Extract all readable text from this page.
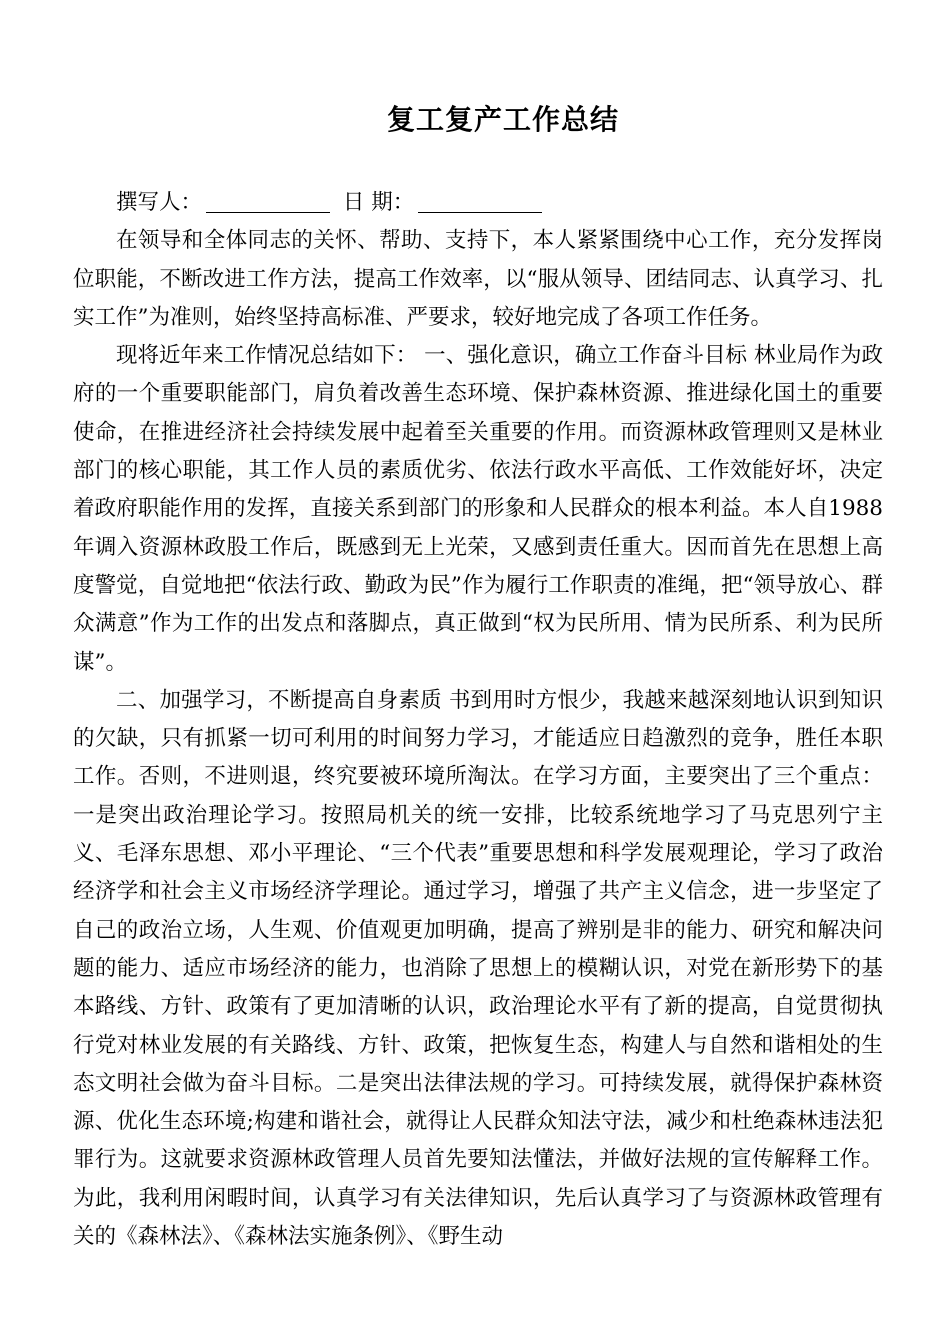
复工复产工作总结
撰写人：	日 期：

在领导和全体同志的关怀、帮助、支持下，本人紧紧围绕中心工作，充分发挥岗位职能，不断改进工作方法，提高工作效率，以“服从领导、团结同志、认真学习、扎实工作”为准则，始终坚持高标准、严要求，较好地完成了各项工作任务。

现将近年来工作情况总结如下： 一、强化意识，确立工作奋斗目标 林业局作为政府的一个重要职能部门，肩负着改善生态环境、保护森林资源、推进绿化国土的重要使命，在推进经济社会持续发展中起着至关重要的作用。而资源林政管理则又是林业部门的核心职能，其工作人员的素质优劣、依法行政水平高低、工作效能好坏，决定着政府职能作用的发挥，直接关系到部门的形象和人民群众的根本利益。本人自1988年调入资源林政股工作后，既感到无上光荣，又感到责任重大。因而首先在思想上高度警觉，自觉地把“依法行政、勤政为民”作为履行工作职责的准绳，把“领导放心、群众满意”作为工作的出发点和落脚点，真正做到“权为民所用、情为民所系、利为民所谋”。

二、加强学习，不断提高自身素质 书到用时方恨少，我越来越深刻地认识到知识的欠缺，只有抓紧一切可利用的时间努力学习，才能适应日趋激烈的竞争，胜任本职工作。否则，不进则退，终究要被环境所淘汰。在学习方面，主要突出了三个重点：一是突出政治理论学习。按照局机关的统一安排，比较系统地学习了马克思列宁主义、毛泽东思想、邓小平理论、“三个代表”重要思想和科学发展观理论，学习了政治经济学和社会主义市场经济学理论。通过学习，增强了共产主义信念，进一步坚定了自己的政治立场，人生观、价值观更加明确，提高了辨别是非的能力、研究和解决问题的能力、适应市场经济的能力，也消除了思想上的模糊认识，对党在新形势下的基本路线、方针、政策有了更加清晰的认识，政治理论水平有了新的提高，自觉贯彻执行党对林业发展的有关路线、方针、政策，把恢复生态，构建人与自然和谐相处的生态文明社会做为奋斗目标。二是突出法律法规的学习。可持续发展，就得保护森林资源、优化生态环境;构建和谐社会，就得让人民群众知法守法，减少和杜绝森林违法犯罪行为。这就要求资源林政管理人员首先要知法懂法，并做好法规的宣传解释工作。为此，我利用闲暇时间，认真学习有关法律知识，先后认真学习了与资源林政管理有关的《森林法》、《森林法实施条例》、《野生动
